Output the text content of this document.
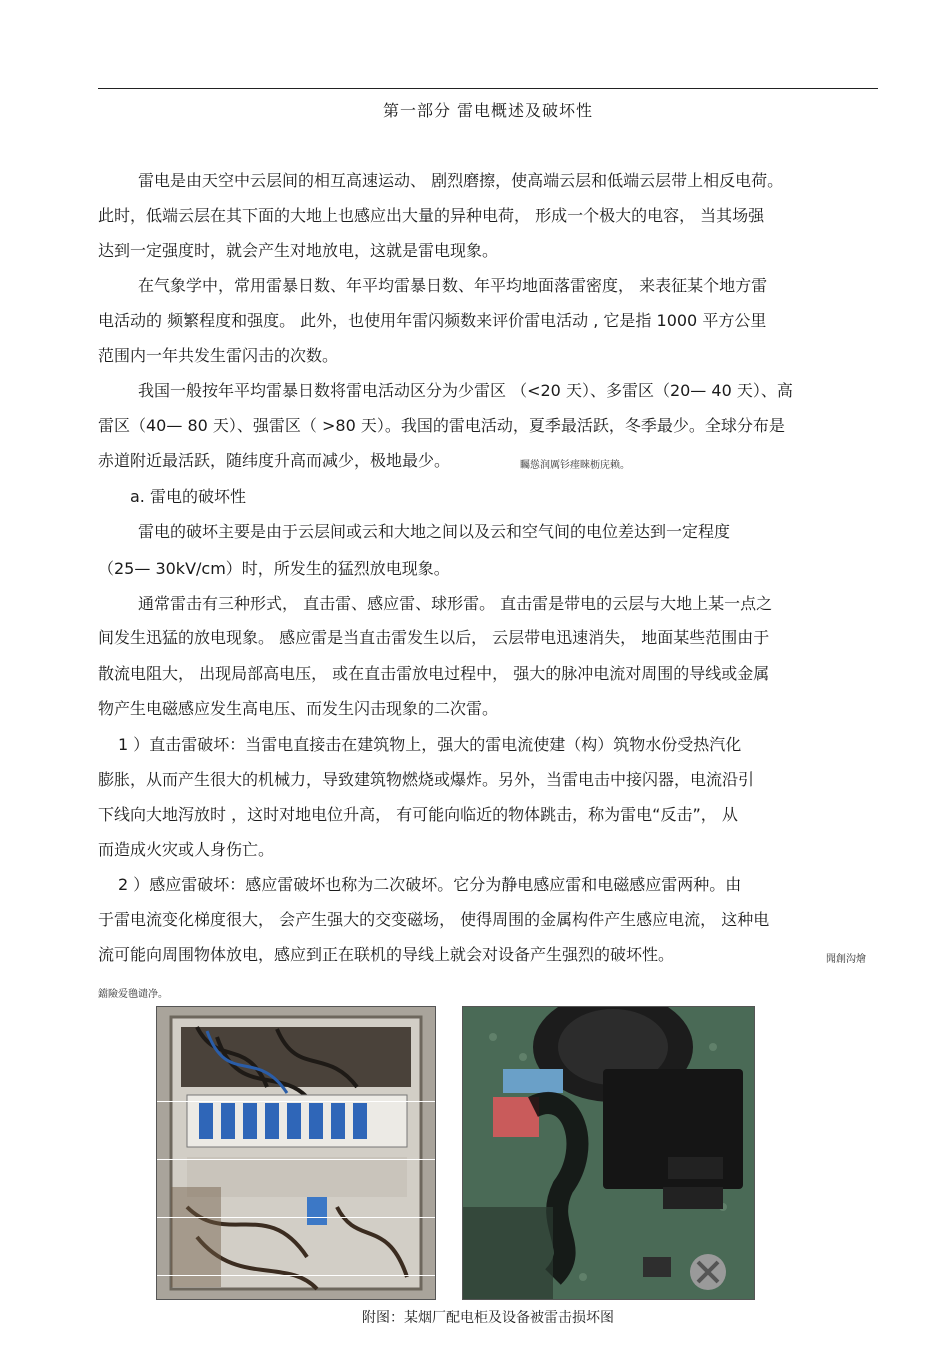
第一部分 雷电概述及破坏性
雷电是由天空中云层间的相互高速运动、 剧烈磨擦，使高端云层和低端云层带上相反电荷。
此时，低端云层在其下面的大地上也感应出大量的异种电荷， 形成一个极大的电容， 当其场强
达到一定强度时，就会产生对地放电，这就是雷电现象。
在气象学中，常用雷暴日数、年平均雷暴日数、年平均地面落雷密度， 来表征某个地方雷
电活动的 频繁程度和强度。 此外，也使用年雷闪频数来评价雷电活动 , 它是指 1000 平方公里
范围内一年共发生雷闪击的次数。
我国一般按年平均雷暴日数将雷电活动区分为少雷区 （<20 天）、多雷区（20— 40 天）、高
雷区（40— 80 天）、强雷区（ >80 天）。我国的雷电活动，夏季最活跃，冬季最少。全球分布是
赤道附近最活跃，随纬度升高而减少，极地最少。	矚慫润厲钐瘗睞枥庑赖。
a. 雷电的破坏性
雷电的破坏主要是由于云层间或云和大地之间以及云和空气间的电位差达到一定程度
（25— 30kV/cm）时，所发生的猛烈放电现象。
通常雷击有三种形式， 直击雷、感应雷、球形雷。 直击雷是带电的云层与大地上某一点之
间发生迅猛的放电现象。 感应雷是当直击雷发生以后， 云层带电迅速消失， 地面某些范围由于
散流电阻大， 出现局部高电压， 或在直击雷放电过程中， 强大的脉冲电流对周围的导线或金属
物产生电磁感应发生高电压、而发生闪击现象的二次雷。
1 ）直击雷破坏：当雷电直接击在建筑物上，强大的雷电流使建（构）筑物水份受热汽化
膨胀，从而产生很大的机械力，导致建筑物燃烧或爆炸。另外，当雷电击中接闪器，电流沿引
下线向大地泻放时 ，这时对地电位升高， 有可能向临近的物体跳击，称为雷电“反击”， 从
而造成火灾或人身伤亡。
2 ）感应雷破坏：感应雷破坏也称为二次破坏。它分为静电感应雷和电磁感应雷两种。由
于雷电流变化梯度很大， 会产生强大的交变磁场， 使得周围的金属构件产生感应电流， 这种电
流可能向周围物体放电，感应到正在联机的导线上就会对设备产生强烈的破坏性。	聞創沟燴
鐺險爱氇谴净。
附图：某烟厂配电柜及设备被雷击损坏图
